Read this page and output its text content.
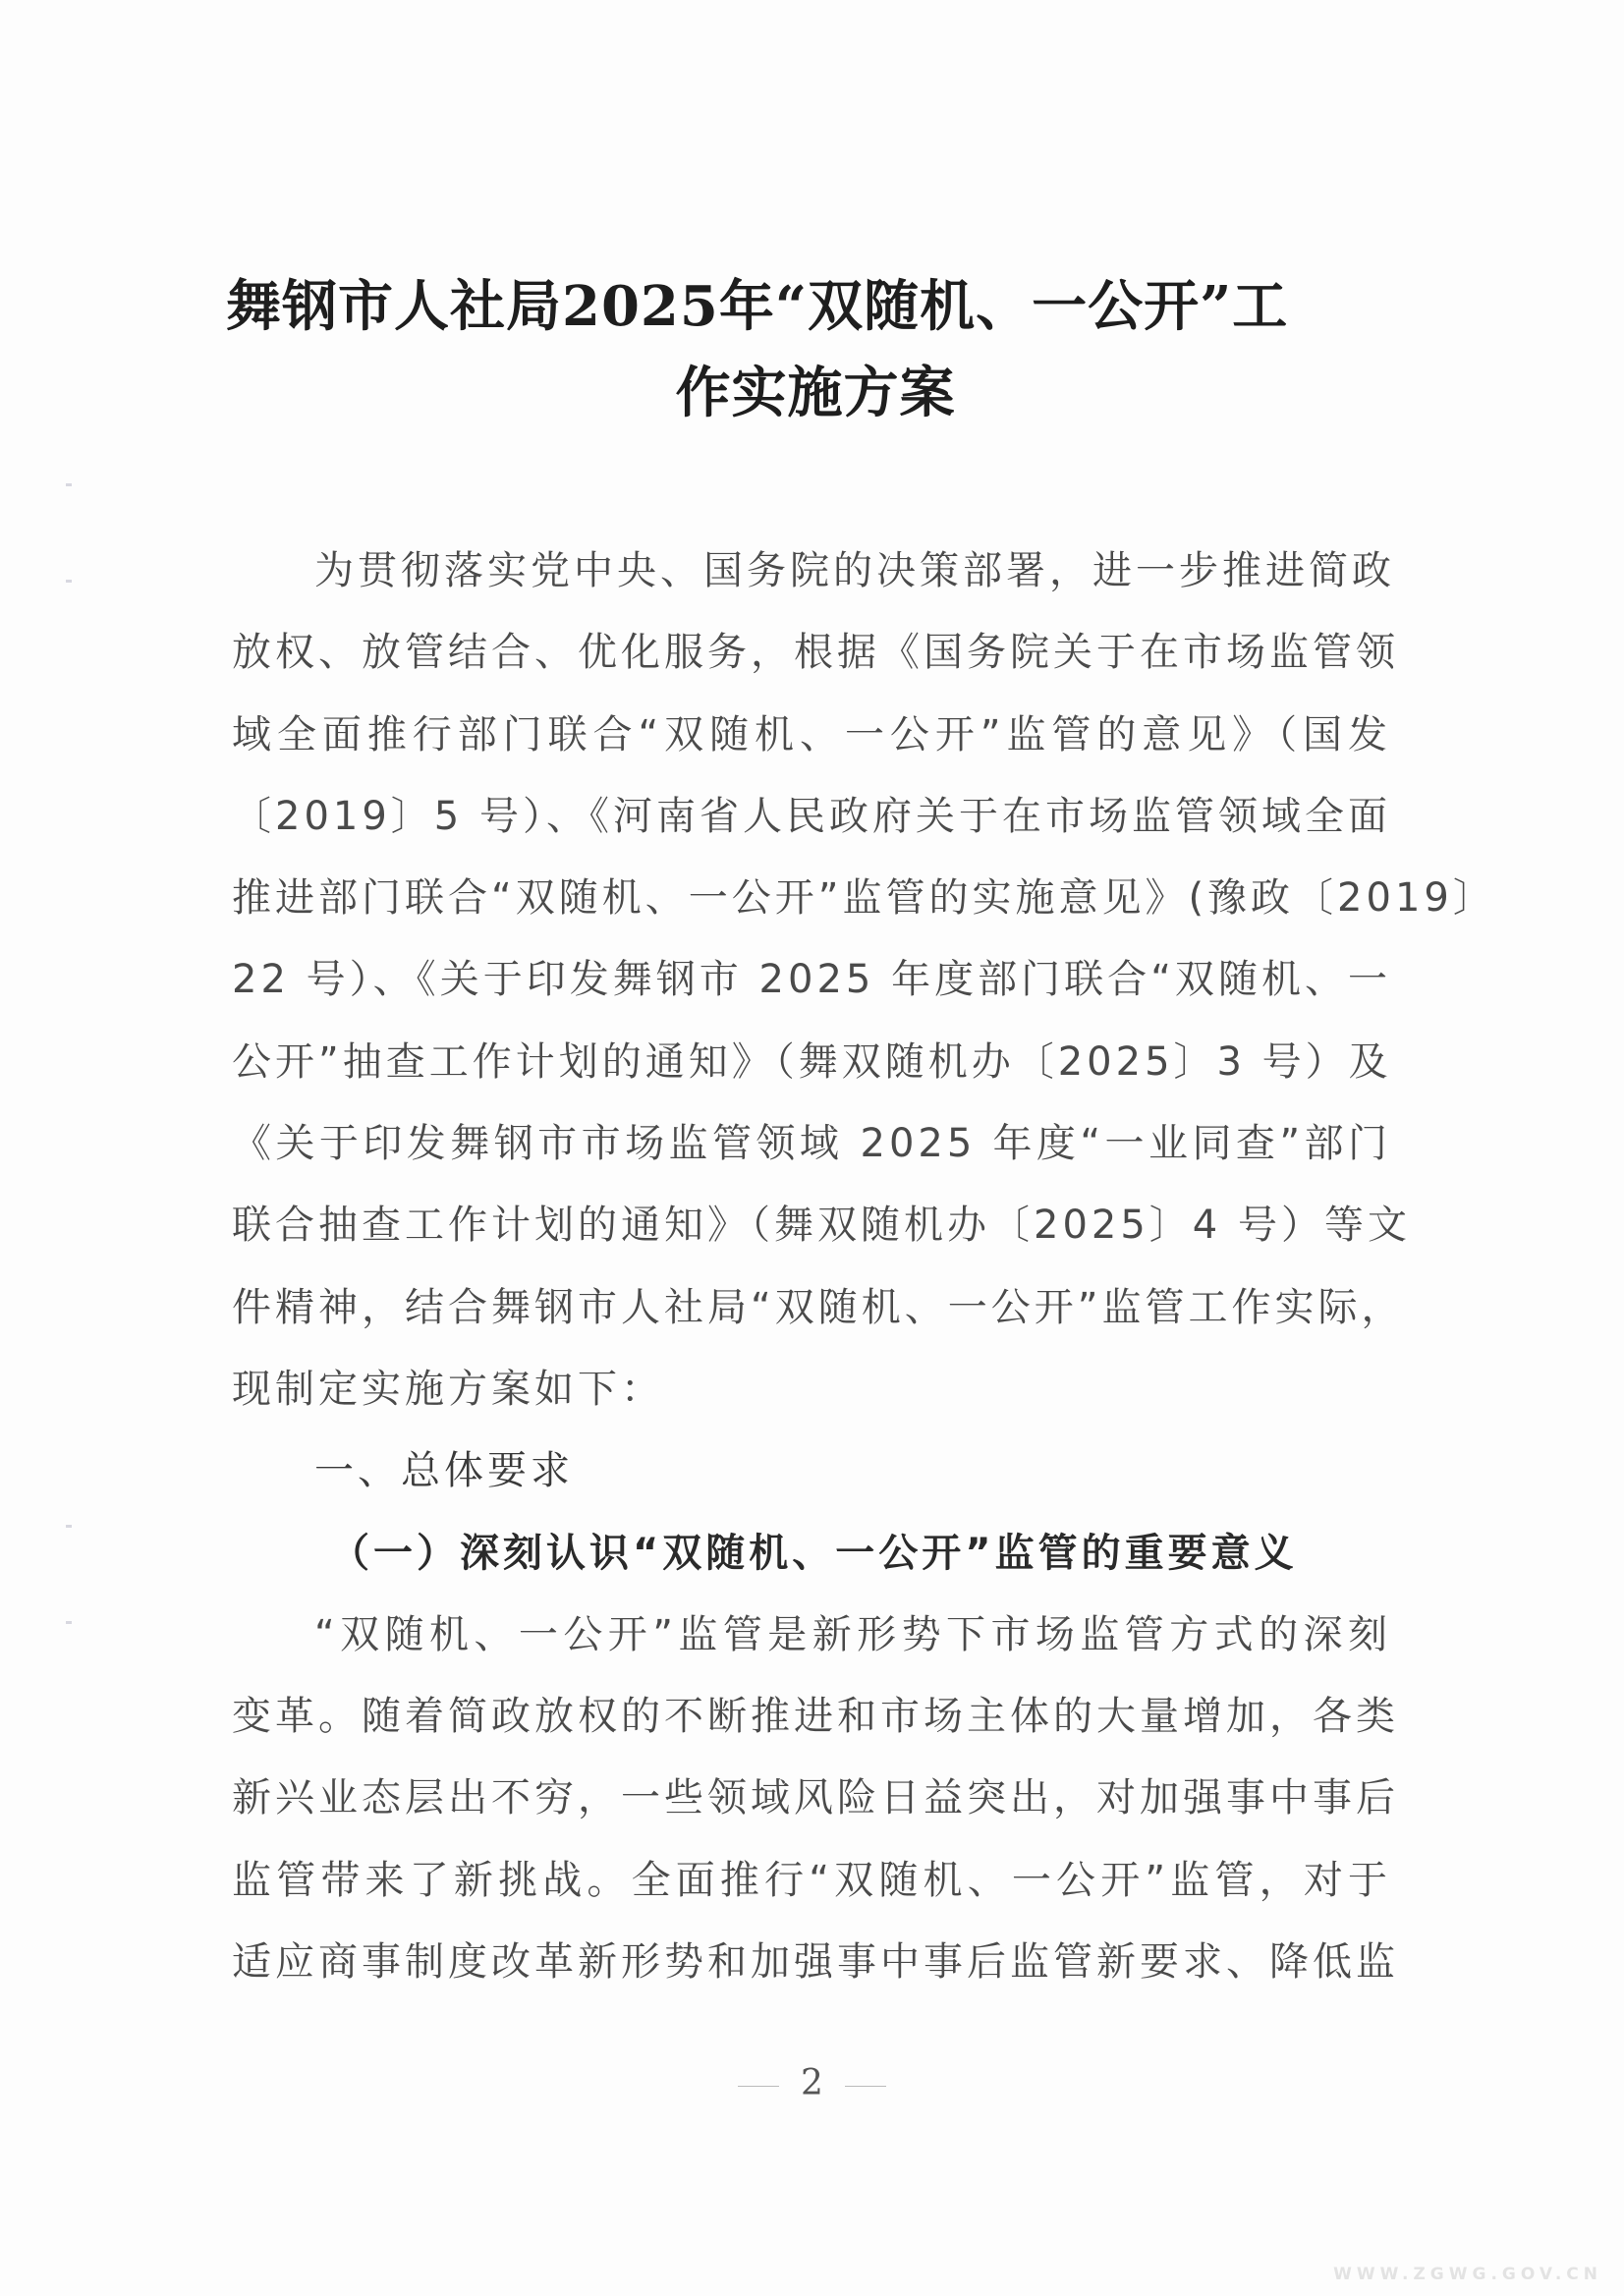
舞钢市人社局2025年“双随机、一公开”工
作实施方案
为贯彻落实党中央、国务院的决策部署，进一步推进简政
放权、放管结合、优化服务，根据《国务院关于在市场监管领
域全面推行部门联合“双随机、一公开”监管的意见》（国发
〔2019〕5 号）、《河南省人民政府关于在市场监管领域全面
推进部门联合“双随机、一公开”监管的实施意见》(豫政〔2019〕
22 号）、《关于印发舞钢市 2025 年度部门联合“双随机、一
公开”抽查工作计划的通知》（舞双随机办〔2025〕3 号）及
《关于印发舞钢市市场监管领域 2025 年度“一业同查”部门
联合抽查工作计划的通知》（舞双随机办〔2025〕4 号）等文
件精神，结合舞钢市人社局“双随机、一公开”监管工作实际，
现制定实施方案如下：
一、总体要求
（一）深刻认识“双随机、一公开”监管的重要意义
“双随机、一公开”监管是新形势下市场监管方式的深刻
变革。随着简政放权的不断推进和市场主体的大量增加，各类
新兴业态层出不穷，一些领域风险日益突出，对加强事中事后
监管带来了新挑战。全面推行“双随机、一公开”监管，对于
适应商事制度改革新形势和加强事中事后监管新要求、降低监
2
WWW.ZGWG.GOV.CN
